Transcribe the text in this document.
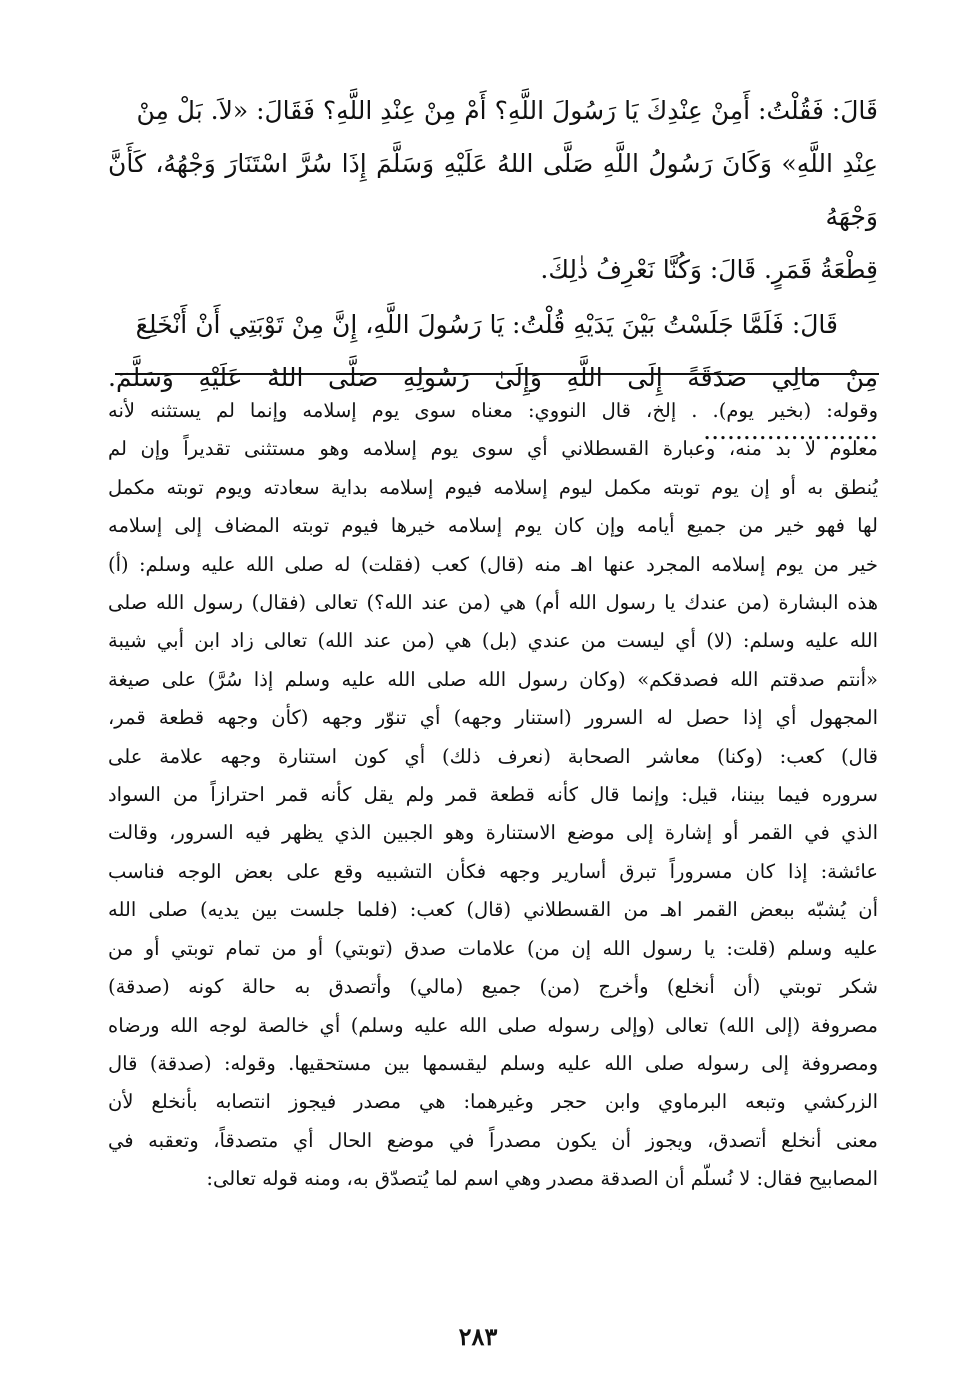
قَالَ: فَقُلْتُ: أَمِنْ عِنْدِكَ يَا رَسُولَ اللَّهِ؟ أَمْ مِنْ عِنْدِ اللَّهِ؟ فَقَالَ: «لاَ. بَلْ مِنْ
عِنْدِ اللَّهِ» وَكَانَ رَسُولُ اللَّهِ صَلَّى اللهُ عَلَيْهِ وَسَلَّمَ إِذَا سُرَّ اسْتَنَارَ وَجْهُهُ، كَأَنَّ وَجْهَهُ
قِطْعَةُ قَمَرٍ. قَالَ: وَكُنَّا نَعْرِفُ ذٰلِكَ.

قَالَ: فَلَمَّا جَلَسْتُ بَيْنَ يَدَيْهِ قُلْتُ: يَا رَسُولَ اللَّهِ، إِنَّ مِنْ تَوْبَتِي أَنْ أَنْخَلِعَ
مِنْ مَالِي صَدَقَةً إِلَى اللَّهِ وَإِلَىٰ رَسُولِهِ صَلَّى اللهُ عَلَيْهِ وَسَلَّمَ. ......................

وقوله: (بخير يوم). . إلخ، قال النووي: معناه سوى يوم إسلامه وإنما لم يستثنه لأنه
معلوم لا بد منه، وعبارة القسطلاني أي سوى يوم إسلامه وهو مستثنى تقديراً وإن لم
يُنطق به أو إن يوم توبته مكمل ليوم إسلامه فيوم إسلامه بداية سعادته ويوم توبته مكمل
لها فهو خير من جميع أيامه وإن كان يوم إسلامه خيرها فيوم توبته المضاف إلى إسلامه
خير من يوم إسلامه المجرد عنها اهـ منه (قال) كعب (فقلت) له صلى الله عليه وسلم: (أ)
هذه البشارة (من عندك يا رسول الله أم) هي (من عند الله؟) تعالى (فقال) رسول الله صلى
الله عليه وسلم: (لا) أي ليست من عندي (بل) هي (من عند الله) تعالى زاد ابن أبي شيبة
«أنتم صدقتم الله فصدقكم» (وكان رسول الله صلى الله عليه وسلم إذا سُرَّ) على صيغة
المجهول أي إذا حصل له السرور (استنار وجهه) أي تنوّر وجهه (كأن وجهه قطعة قمر،
قال) كعب: (وكنا) معاشر الصحابة (نعرف ذلك) أي كون استنارة وجهه علامة على
سروره فيما بيننا، قيل: وإنما قال كأنه قطعة قمر ولم يقل كأنه قمر احترازاً من السواد
الذي في القمر أو إشارة إلى موضع الاستنارة وهو الجبين الذي يظهر فيه السرور، وقالت
عائشة: إذا كان مسروراً تبرق أسارير وجهه فكأن التشبيه وقع على بعض الوجه فناسب
أن يُشبّه ببعض القمر اهـ من القسطلاني (قال) كعب: (فلما جلست بين يديه) صلى الله
عليه وسلم (قلت: يا رسول الله إن من) علامات صدق (توبتي) أو من تمام توبتي أو من
شكر توبتي (أن أنخلع) وأخرج (من) جميع (مالي) وأتصدق به حالة كونه (صدقة)
مصروفة (إلى الله) تعالى (وإلى رسوله صلى الله عليه وسلم) أي خالصة لوجه الله ورضاه
ومصروفة إلى رسوله صلى الله عليه وسلم ليقسمها بين مستحقيها. وقوله: (صدقة) قال
الزركشي وتبعه البرماوي وابن حجر وغيرهما: هي مصدر فيجوز انتصابه بأنخلع لأن
معنى أنخلع أتصدق، ويجوز أن يكون مصدراً في موضع الحال أي متصدقاً، وتعقبه في
المصابيح فقال: لا نُسلّم أن الصدقة مصدر وهي اسم لما يُتصدّق به، ومنه قوله تعالى:
٢٨٣
